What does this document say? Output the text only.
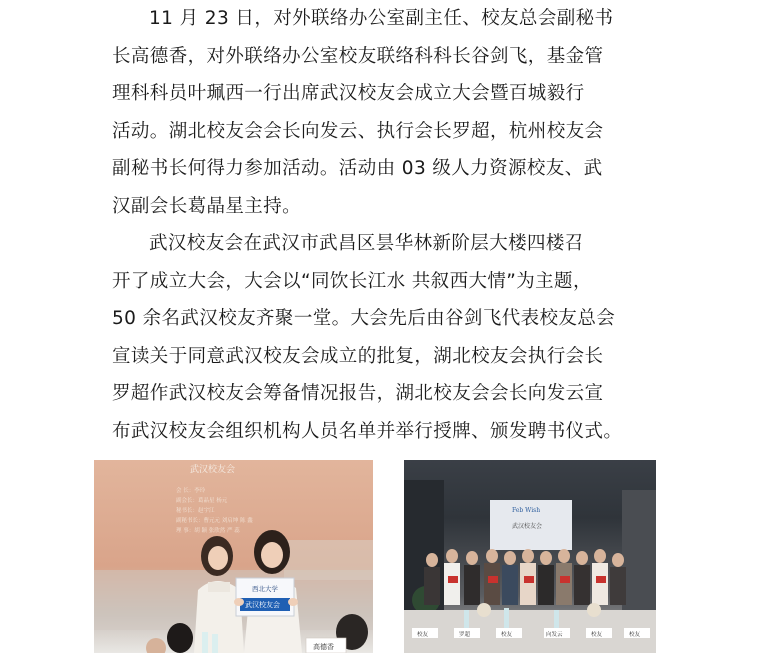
11 月 23 日，对外联络办公室副主任、校友总会副秘书

长高德香，对外联络办公室校友联络科科长谷剑飞，基金管

理科科员叶珮西一行出席武汉校友会成立大会暨百城毅行

活动。湖北校友会会长向发云、执行会长罗超，杭州校友会

副秘书长何得力参加活动。活动由 03 级人力资源校友、武

汉副会长葛晶星主持。

武汉校友会在武汉市武昌区昙华林新阶层大楼四楼召

开了成立大会，大会以“同饮长江水 共叙西大情”为主题，

50 余名武汉校友齐聚一堂。大会先后由谷剑飞代表校友总会

宣读关于同意武汉校友会成立的批复，湖北校友会执行会长

罗超作武汉校友会筹备情况报告，湖北校友会会长向发云宣

布武汉校友会组织机构人员名单并举行授牌、颁发聘书仪式。

武汉校友会
会 长：李玲
副会长：葛晶星 杨元
秘书长：赵宇江
副秘书长：曹元元 刘启坤 陈 鑫
理 事：胡 颖 张欣然 严 蕊
西北大学
武汉校友会
高德香
Feb Wish
武汉校友会
校友	罗超	校友	向发云	校友	校友
